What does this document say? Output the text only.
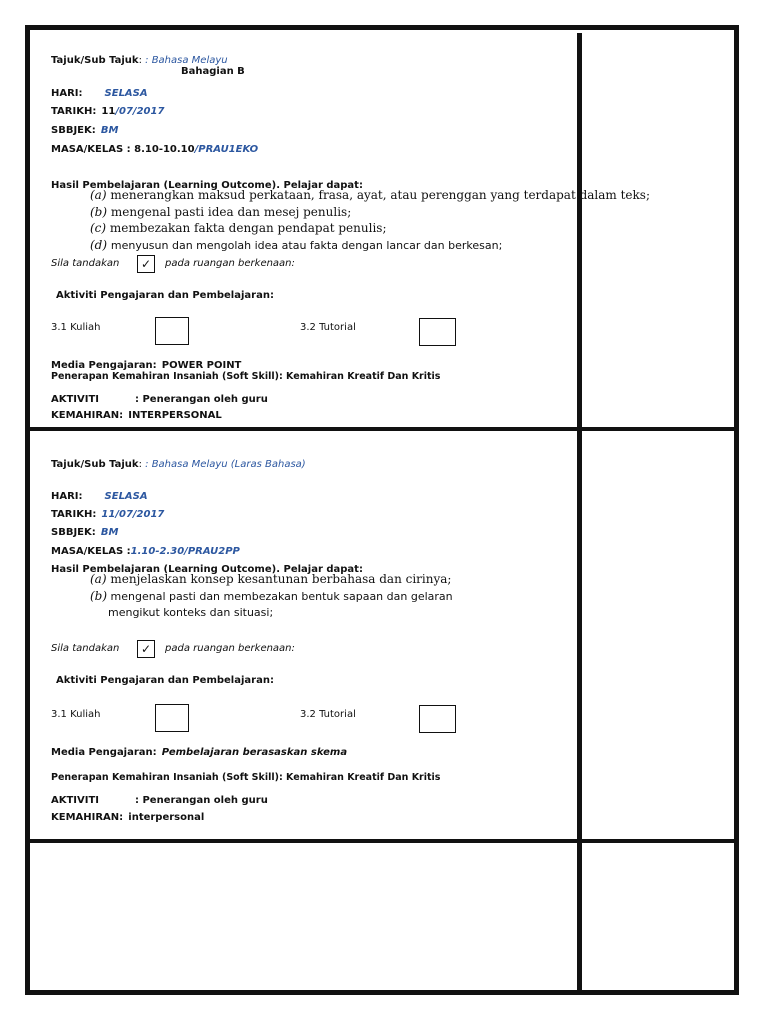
Tajuk/Sub Tajuk: : Bahasa Melayu
Bahagian B
HARI: SELASA
TARIKH: 11/07/2017
SBBJEK: BM
MASA/KELAS : 8.10-10.10/PRAU1EKO
Hasil Pembelajaran (Learning Outcome). Pelajar dapat:
(a) menerangkan maksud perkataan, frasa, ayat, atau perenggan yang terdapat dalam teks;
(b) mengenal pasti idea dan mesej penulis;
(c) membezakan fakta dengan pendapat penulis;
(d) menyusun dan mengolah idea atau fakta dengan lancar dan berkesan;
Sila tandakan	✓	pada ruangan berkenaan:
Aktiviti Pengajaran dan Pembelajaran:
3.1 Kuliah	3.2 Tutorial
Media Pengajaran: POWER POINT
Penerapan Kemahiran Insaniah (Soft Skill): Kemahiran Kreatif Dan Kritis
AKTIVITI	: Penerangan oleh guru
KEMAHIRAN: INTERPERSONAL
Tajuk/Sub Tajuk: : Bahasa Melayu (Laras Bahasa)
HARI: SELASA
TARIKH: 11/07/2017
SBBJEK: BM
MASA/KELAS :1.10-2.30/PRAU2PP
Hasil Pembelajaran (Learning Outcome). Pelajar dapat:
(a) menjelaskan konsep kesantunan berbahasa dan cirinya;
(b) mengenal pasti dan membezakan bentuk sapaan dan gelaran
mengikut konteks dan situasi;
Sila tandakan	✓	pada ruangan berkenaan:
Aktiviti Pengajaran dan Pembelajaran:
3.1 Kuliah	3.2 Tutorial
Media Pengajaran: Pembelajaran berasaskan skema
Penerapan Kemahiran Insaniah (Soft Skill): Kemahiran Kreatif Dan Kritis
AKTIVITI	: Penerangan oleh guru
KEMAHIRAN: interpersonal
